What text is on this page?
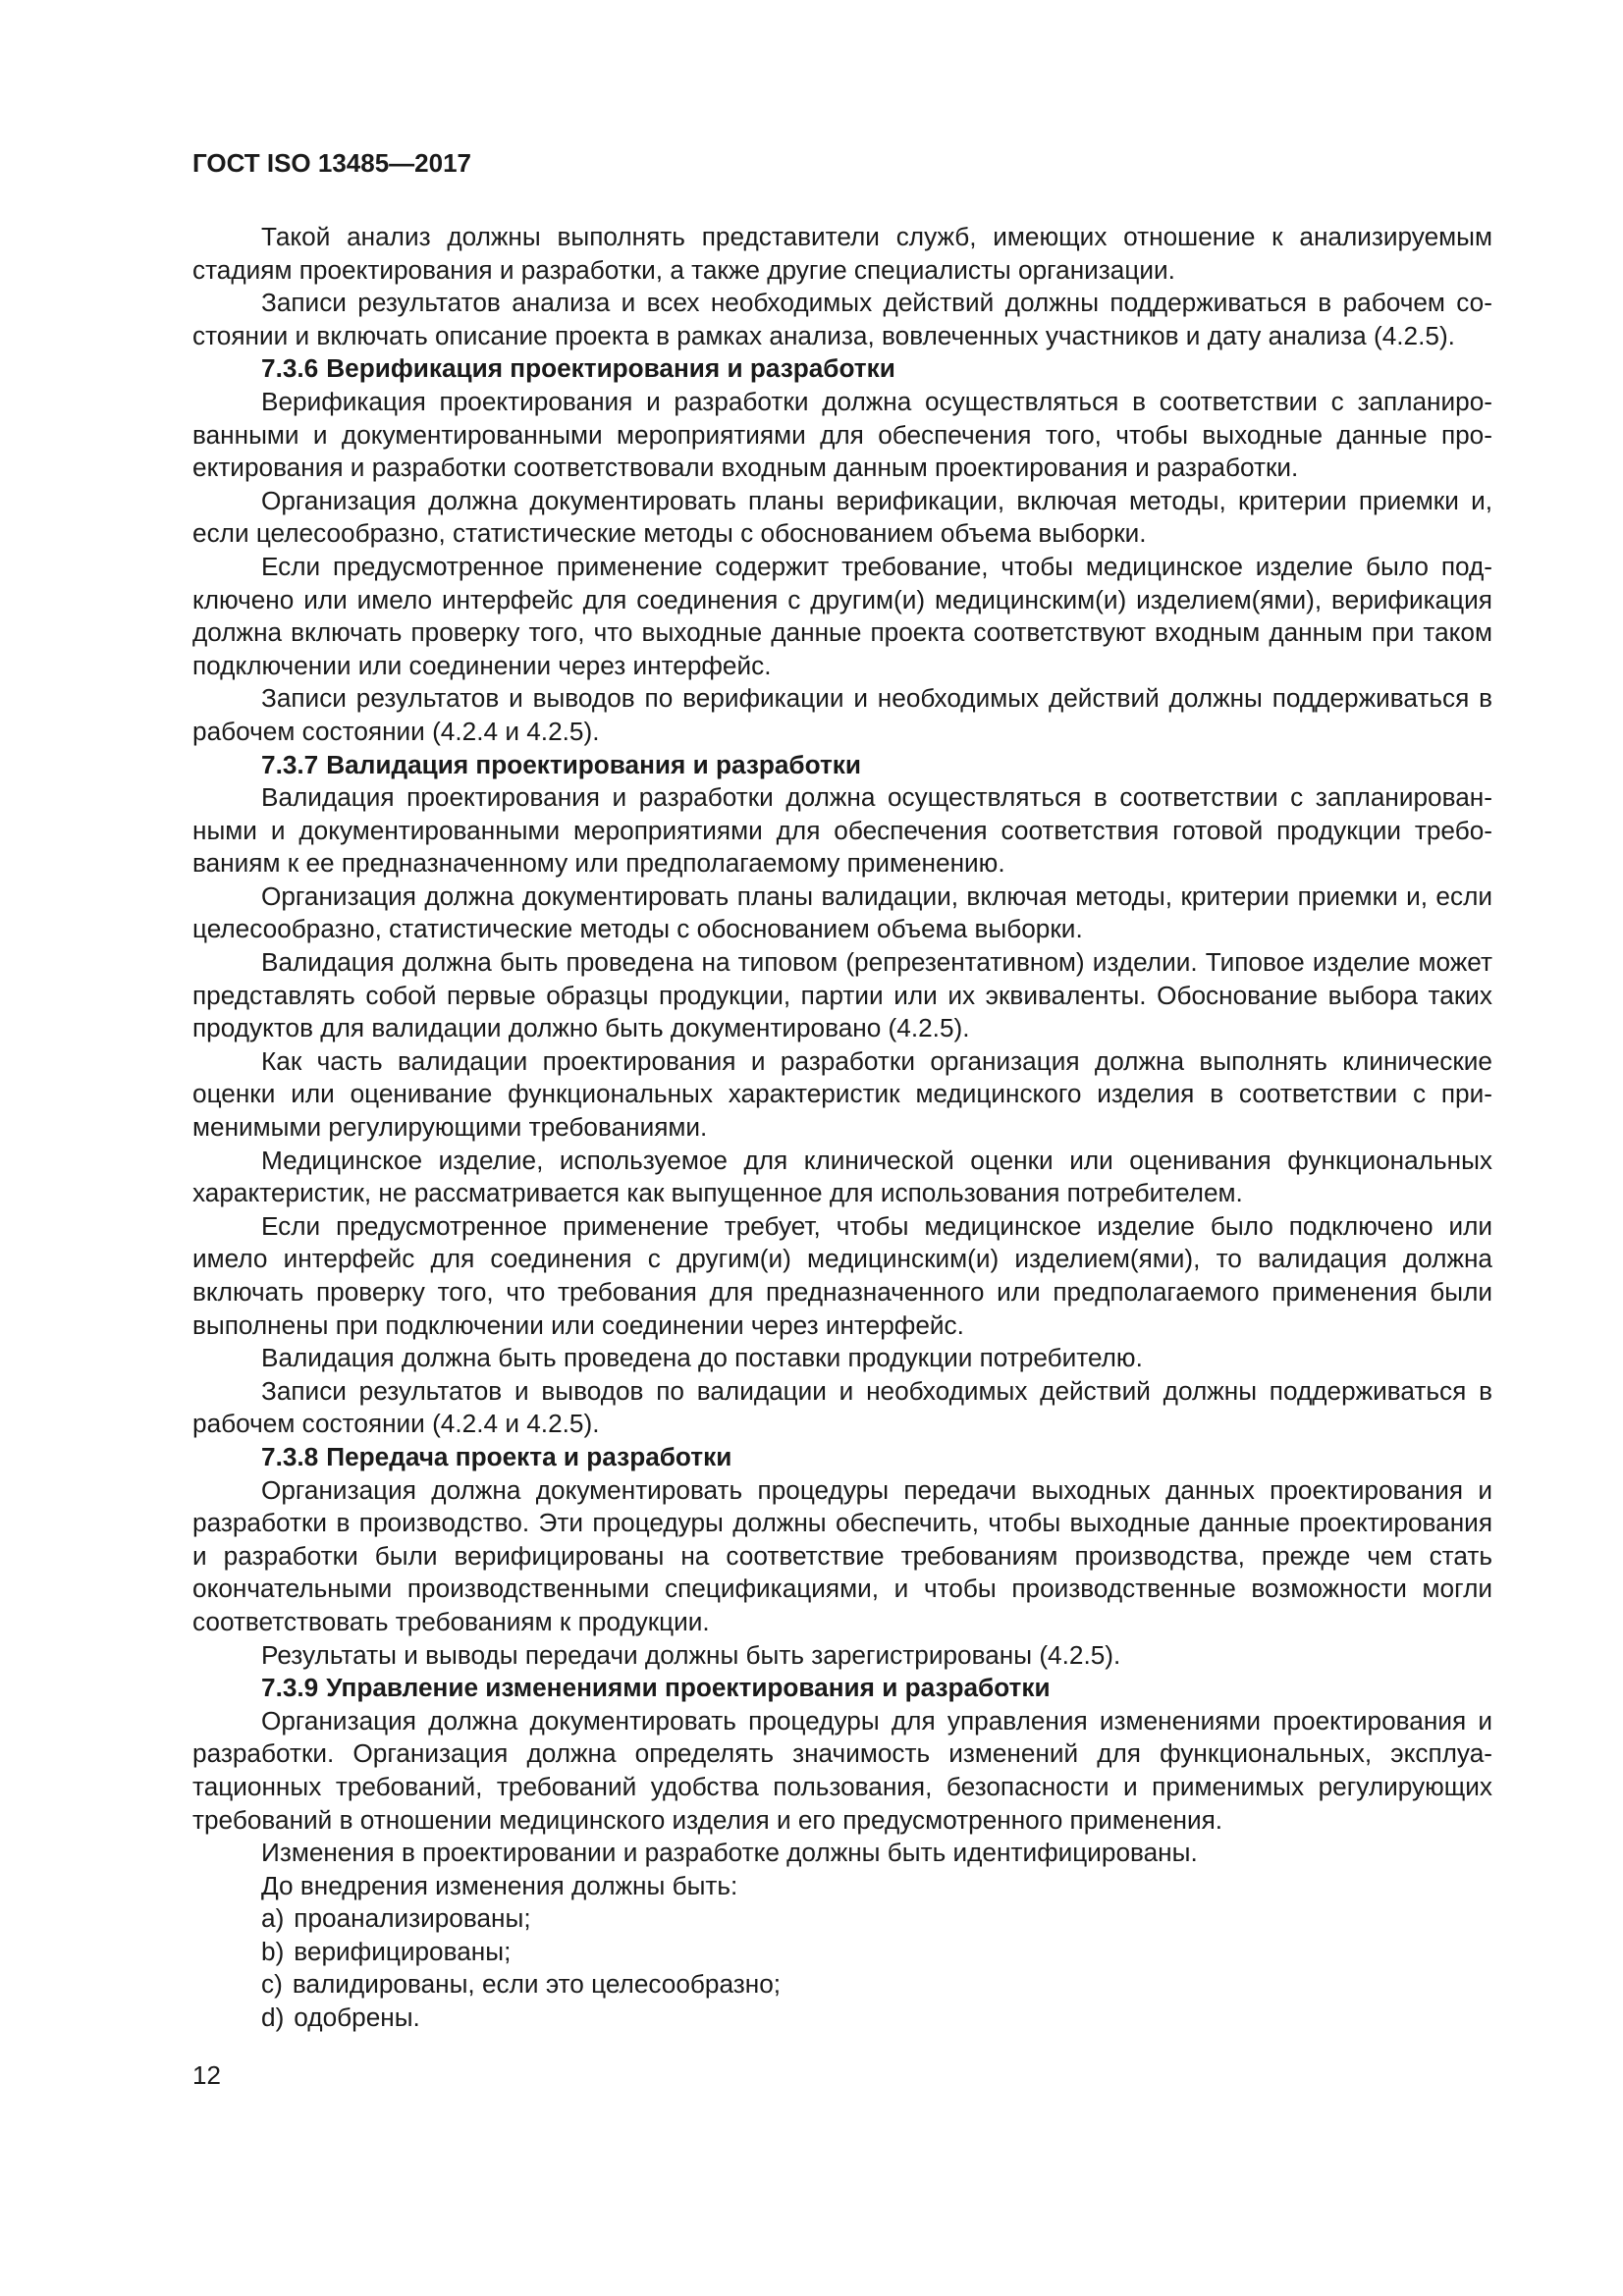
ГОСТ ISO 13485—2017

Такой анализ должны выполнять представители служб, имеющих отношение к анализируемым стадиям проектирования и разработки, а также другие специалисты организации.

Записи результатов анализа и всех необходимых действий должны поддерживаться в рабочем состоянии и включать описание проекта в рамках анализа, вовлеченных участников и дату анализа (4.2.5).

7.3.6 Верификация проектирования и разработки

Верификация проектирования и разработки должна осуществляться в соответствии с запланированными и документированными мероприятиями для обеспечения того, чтобы выходные данные проектирования и разработки соответствовали входным данным проектирования и разработки.

Организация должна документировать планы верификации, включая методы, критерии приемки и, если целесообразно, статистические методы с обоснованием объема выборки.

Если предусмотренное применение содержит требование, чтобы медицинское изделие было подключено или имело интерфейс для соединения с другим(и) медицинским(и) изделием(ями), верификация должна включать проверку того, что выходные данные проекта соответствуют входным данным при таком подключении или соединении через интерфейс.

Записи результатов и выводов по верификации и необходимых действий должны поддерживаться в рабочем состоянии (4.2.4 и 4.2.5).

7.3.7 Валидация проектирования и разработки

Валидация проектирования и разработки должна осуществляться в соответствии с запланированными и документированными мероприятиями для обеспечения соответствия готовой продукции требованиям к ее предназначенному или предполагаемому применению.

Организация должна документировать планы валидации, включая методы, критерии приемки и, если целесообразно, статистические методы с обоснованием объема выборки.

Валидация должна быть проведена на типовом (репрезентативном) изделии. Типовое изделие может представлять собой первые образцы продукции, партии или их эквиваленты. Обоснование выбора таких продуктов для валидации должно быть документировано (4.2.5).

Как часть валидации проектирования и разработки организация должна выполнять клинические оценки или оценивание функциональных характеристик медицинского изделия в соответствии с применимыми регулирующими требованиями.

Медицинское изделие, используемое для клинической оценки или оценивания функциональных характеристик, не рассматривается как выпущенное для использования потребителем.

Если предусмотренное применение требует, чтобы медицинское изделие было подключено или имело интерфейс для соединения с другим(и) медицинским(и) изделием(ями), то валидация должна включать проверку того, что требования для предназначенного или предполагаемого применения были выполнены при подключении или соединении через интерфейс.

Валидация должна быть проведена до поставки продукции потребителю.

Записи результатов и выводов по валидации и необходимых действий должны поддерживаться в рабочем состоянии (4.2.4 и 4.2.5).

7.3.8 Передача проекта и разработки

Организация должна документировать процедуры передачи выходных данных проектирования и разработки в производство. Эти процедуры должны обеспечить, чтобы выходные данные проектирования и разработки были верифицированы на соответствие требованиям производства, прежде чем стать окончательными производственными спецификациями, и чтобы производственные возможности могли соответствовать требованиям к продукции.

Результаты и выводы передачи должны быть зарегистрированы (4.2.5).

7.3.9 Управление изменениями проектирования и разработки

Организация должна документировать процедуры для управления изменениями проектирования и разработки. Организация должна определять значимость изменений для функциональных, эксплуатационных требований, требований удобства пользования, безопасности и применимых регулирующих требований в отношении медицинского изделия и его предусмотренного применения.

Изменения в проектировании и разработке должны быть идентифицированы.

До внедрения изменения должны быть:

a) проанализированы;
b) верифицированы;
c) валидированы, если это целесообразно;
d) одобрены.
12
